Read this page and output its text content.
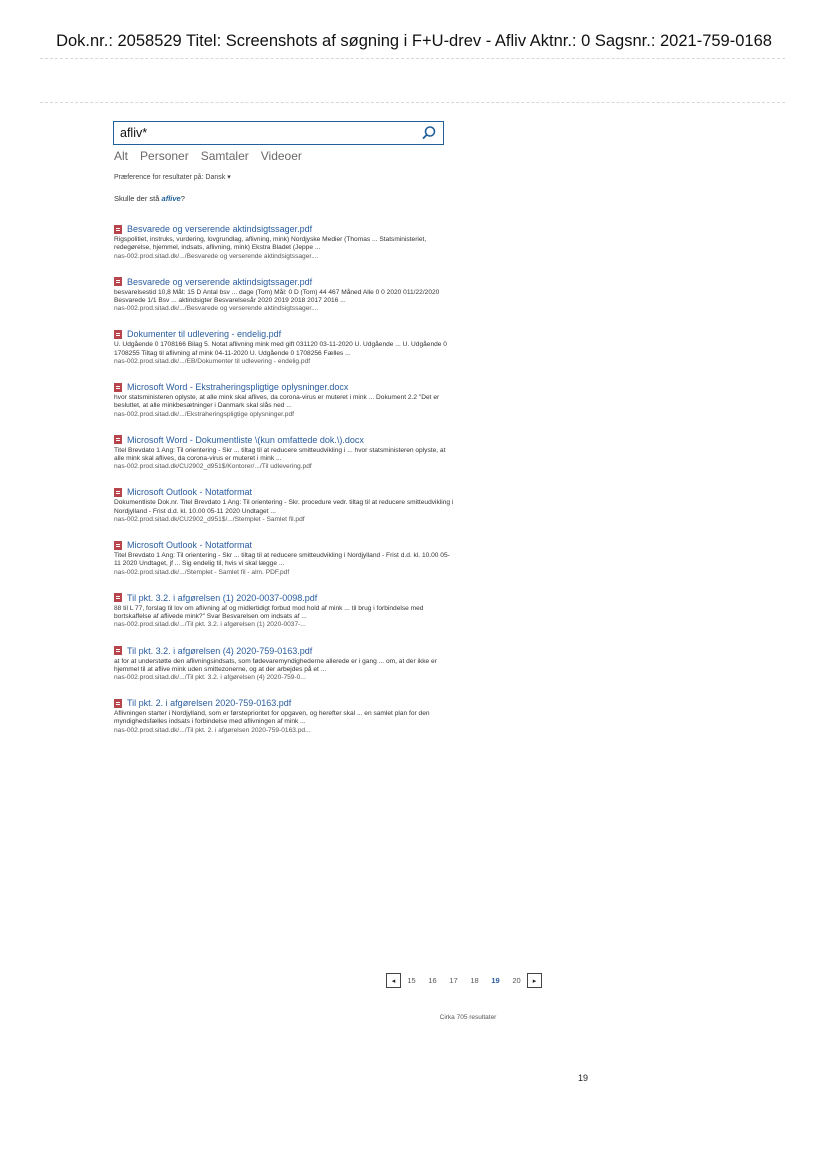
Dok.nr.: 2058529 Titel: Screenshots af søgning i F+U-drev - Afliv Aktnr.: 0 Sagsnr.: 2021-759-0168
afliv*
Alt Personer Samtaler Videoer
Præference for resultater på: Dansk ▾
Skulle der stå aflive?
Besvarede og verserende aktindsigtssager.pdf
Rigspolitiet, instruks, vurdering, lovgrundlag, aflivning, mink) Nordjyske Medier (Thomas ... Statsministeriet, redegørelse, hjemmel, indsats, aflivning, mink) Ekstra Bladet (Jeppe ...
nas-002.prod.sitad.dk/.../Besvarede og verserende aktindsigtssager....
Besvarede og verserende aktindsigtssager.pdf
besvarelsestid 10,8 Måt: 15 D Antal bsv ... dage (Tom) Mål: 0 D (Tom) 44 467 Måned Alle 0 0 2020 011/22/2020 Besvarede 1/1 Bsv ... aktindsigter Besvarelsesår 2020 2019 2018 2017 2016 ...
nas-002.prod.sitad.dk/.../Besvarede og verserende aktindsigtssager....
Dokumenter til udlevering - endelig.pdf
U. Udgående 0 1708166 Bilag 5. Notat aflivning mink med gift 031120 03-11-2020 U. Udgående ... U. Udgående 0 1708255 Tiltag til aflivning af mink 04-11-2020 U. Udgående 0 1708256 Fælles ...
nas-002.prod.sitad.dk/.../EB/Dokumenter til udlevering - endelig.pdf
Microsoft Word - Ekstraheringspligtige oplysninger.docx
hvor statsministeren oplyste, at alle mink skal aflives, da corona-virus er muteret i mink ... Dokument 2.2 "Det er besluttet, at alle minkbesætninger i Danmark skal slås ned ...
nas-002.prod.sitad.dk/.../Ekstraheringspligtige oplysninger.pdf
Microsoft Word - Dokumentliste \(kun omfattede dok.\).docx
Titel Brevdato 1 Ang: Til orientering - Skr ... tiltag til at reducere smitteudvikling i ... hvor statsministeren oplyste, at alle mink skal aflives, da corona-virus er muteret i mink ...
nas-002.prod.sitad.dk/CU2902_d951$/Kontorer/.../Til udlevering.pdf
Microsoft Outlook - Notatformat
Dokumentliste Dok.nr. Titel Brevdato 1 Ang: Til orientering - Skr. procedure vedr. tiltag til at reducere smitteudvikling i Nordjylland - Frist d.d. kl. 10.00 05-11 2020 Undtaget ...
nas-002.prod.sitad.dk/CU2902_d951$/.../Stemplet - Samlet fil.pdf
Microsoft Outlook - Notatformat
Titel Brevdato 1 Ang: Til orientering - Skr ... tiltag til at reducere smitteudvikling i Nordjylland - Frist d.d. kl. 10.00 05-11 2020 Undtaget, jf ... Sig endelig til, hvis vi skal lægge ...
nas-002.prod.sitad.dk/.../Stemplet - Samlet fil - alm. PDF.pdf
Til pkt. 3.2. i afgørelsen (1) 2020-0037-0098.pdf
88 til L 77, forslag til lov om aflivning af og midlertidigt forbud mod hold af mink ... til brug i forbindelse med bortskaffelse af aflivede mink?" Svar Besvarelsen om indsats af ...
nas-002.prod.sitad.dk/.../Til pkt. 3.2. i afgørelsen (1) 2020-0037-...
Til pkt. 3.2. i afgørelsen (4) 2020-759-0163.pdf
at for at understøtte den aflivningsindsats, som fødevaremyndighederne allerede er i gang ... om, at der ikke er hjemmel til at aflive mink uden smittezonerne, og at der arbejdes på et ...
nas-002.prod.sitad.dk/.../Til pkt. 3.2. i afgørelsen (4) 2020-759-0...
Til pkt. 2. i afgørelsen 2020-759-0163.pdf
Aflivningen starter i Nordjylland, som er førsteprioritet for opgaven, og herefter skal ... en samlet plan for den myndighedsfælles indsats i forbindelse med aflivningen af mink ...
nas-002.prod.sitad.dk/.../Til pkt. 2. i afgørelsen 2020-759-0163.pd...
◂	15	16	17	18	19	20	▸
Cirka 705 resultater
19
